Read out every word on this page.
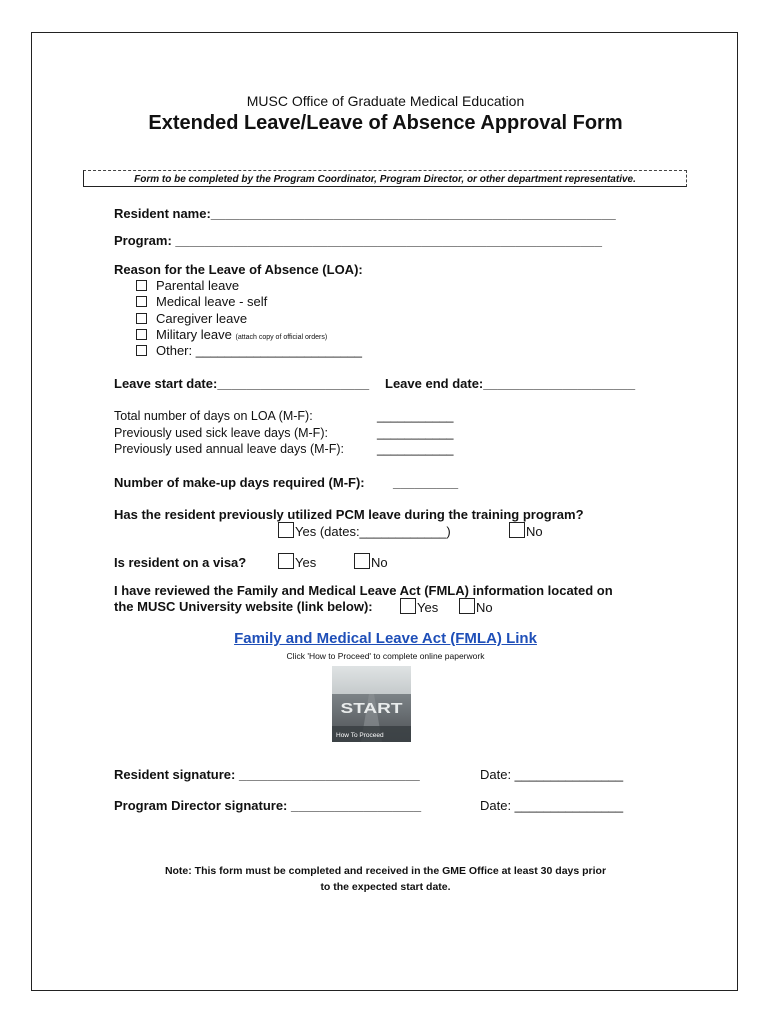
MUSC Office of Graduate Medical Education
Extended Leave/Leave of Absence Approval Form
Form to be completed by the Program Coordinator, Program Director, or other department representative.
Resident name:________________________________________________________
Program: ___________________________________________________________
Reason for the Leave of Absence (LOA):
Parental leave
Medical leave - self
Caregiver leave
Military leave (attach copy of official orders)
Other: _______________________
Leave start date:_____________________ Leave end date:_____________________
Total number of days on LOA (M-F):	___________
Previously used sick leave days (M-F):	___________
Previously used annual leave days (M-F):	___________
Number of make-up days required (M-F): _________
Has the resident previously utilized PCM leave during the training program?
Yes (dates:____________)	No
Is resident on a visa?	Yes	No
I have reviewed the Family and Medical Leave Act (FMLA) information located on
the MUSC University website (link below):	Yes	No
Family and Medical Leave Act (FMLA) Link
Click 'How to Proceed' to complete online paperwork
START
How To Proceed
Resident signature: _________________________	Date: _______________
Program Director signature: __________________	Date: _______________
Note: This form must be completed and received in the GME Office at least 30 days prior
to the expected start date.
